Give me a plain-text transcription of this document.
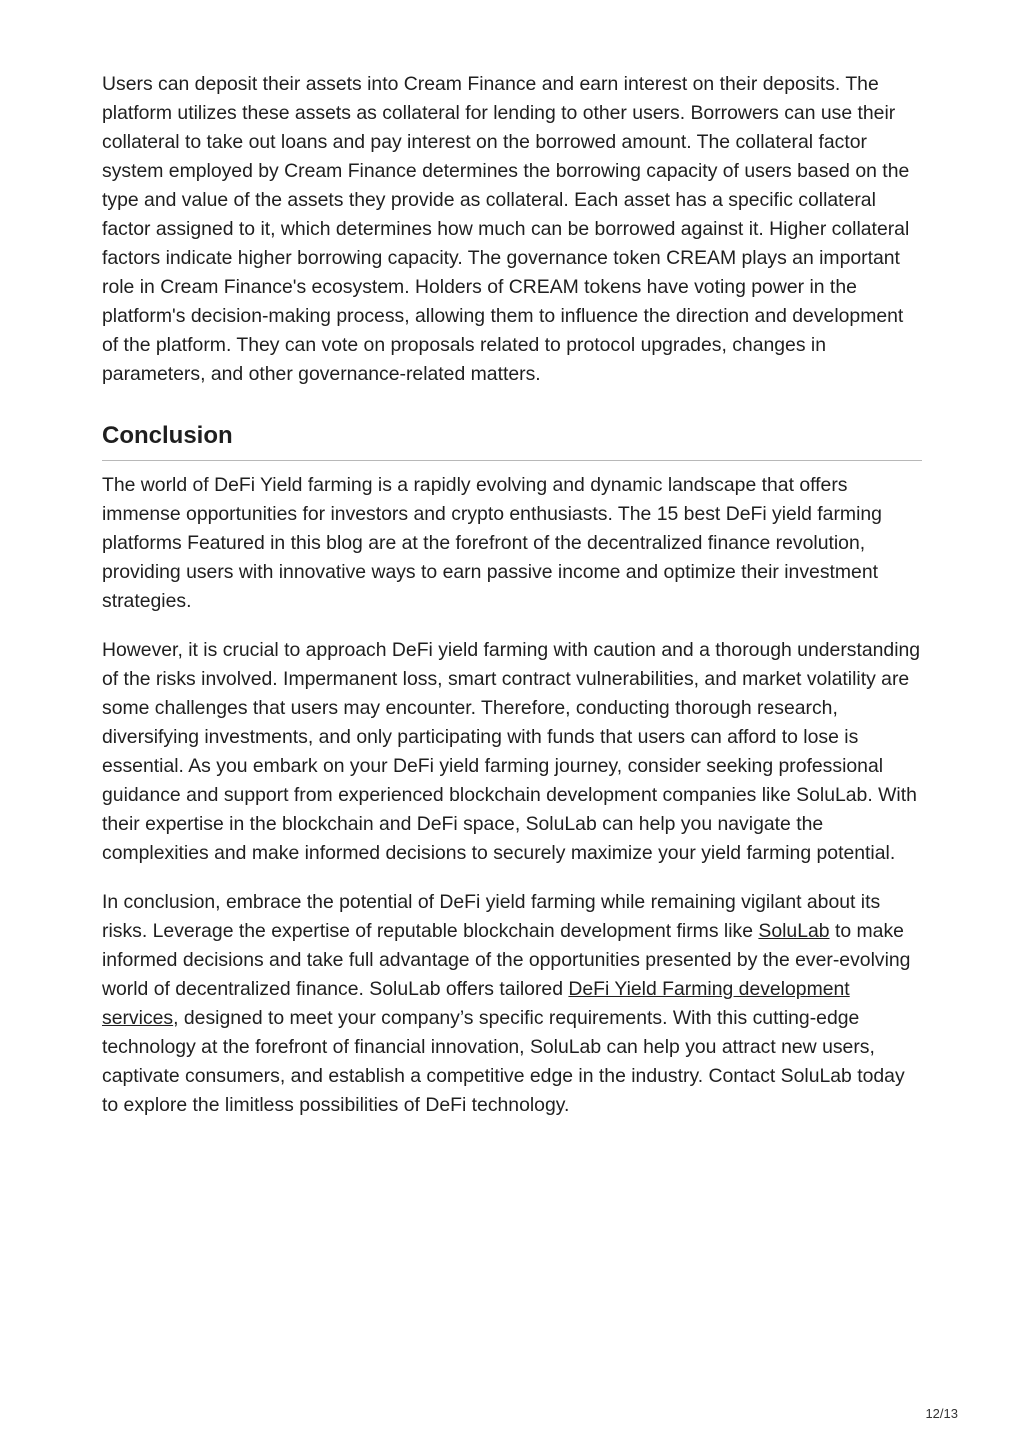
Users can deposit their assets into Cream Finance and earn interest on their deposits. The platform utilizes these assets as collateral for lending to other users. Borrowers can use their collateral to take out loans and pay interest on the borrowed amount. The collateral factor system employed by Cream Finance determines the borrowing capacity of users based on the type and value of the assets they provide as collateral. Each asset has a specific collateral factor assigned to it, which determines how much can be borrowed against it. Higher collateral factors indicate higher borrowing capacity. The governance token CREAM plays an important role in Cream Finance's ecosystem. Holders of CREAM tokens have voting power in the platform's decision-making process, allowing them to influence the direction and development of the platform. They can vote on proposals related to protocol upgrades, changes in parameters, and other governance-related matters.

Conclusion

The world of DeFi Yield farming is a rapidly evolving and dynamic landscape that offers immense opportunities for investors and crypto enthusiasts. The 15 best DeFi yield farming platforms Featured in this blog are at the forefront of the decentralized finance revolution, providing users with innovative ways to earn passive income and optimize their investment strategies.

However, it is crucial to approach DeFi yield farming with caution and a thorough understanding of the risks involved. Impermanent loss, smart contract vulnerabilities, and market volatility are some challenges that users may encounter. Therefore, conducting thorough research, diversifying investments, and only participating with funds that users can afford to lose is essential. As you embark on your DeFi yield farming journey, consider seeking professional guidance and support from experienced blockchain development companies like SoluLab. With their expertise in the blockchain and DeFi space, SoluLab can help you navigate the complexities and make informed decisions to securely maximize your yield farming potential.

In conclusion, embrace the potential of DeFi yield farming while remaining vigilant about its risks. Leverage the expertise of reputable blockchain development firms like SoluLab to make informed decisions and take full advantage of the opportunities presented by the ever-evolving world of decentralized finance. SoluLab offers tailored DeFi Yield Farming development services, designed to meet your company’s specific requirements. With this cutting-edge technology at the forefront of financial innovation, SoluLab can help you attract new users, captivate consumers, and establish a competitive edge in the industry. Contact SoluLab today to explore the limitless possibilities of DeFi technology.

12/13
